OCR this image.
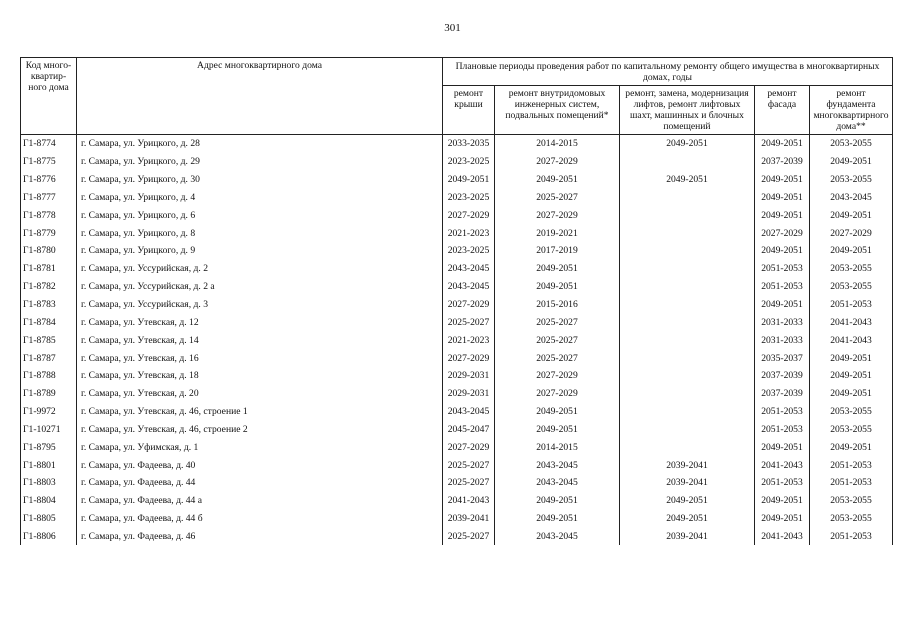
301
Код много-квартир-ного дома	Адрес многоквартирного дома	Плановые периоды проведения работ по капитальному ремонту общего имущества в многоквартирных домах, годы				
		ремонт крыши	ремонт внутридомовых инженерных систем, подвальных помещений*	ремонт, замена, модернизация лифтов, ремонт лифтовых шахт, машинных и блочных помещений	ремонт фасада	ремонт фундамента многоквартирного дома**
Г1-8774	г. Самара, ул. Урицкого, д. 28	2033-2035	2014-2015	2049-2051	2049-2051	2053-2055
Г1-8775	г. Самара, ул. Урицкого, д. 29	2023-2025	2027-2029		2037-2039	2049-2051
Г1-8776	г. Самара, ул. Урицкого, д. 30	2049-2051	2049-2051	2049-2051	2049-2051	2053-2055
Г1-8777	г. Самара, ул. Урицкого, д. 4	2023-2025	2025-2027		2049-2051	2043-2045
Г1-8778	г. Самара, ул. Урицкого, д. 6	2027-2029	2027-2029		2049-2051	2049-2051
Г1-8779	г. Самара, ул. Урицкого, д. 8	2021-2023	2019-2021		2027-2029	2027-2029
Г1-8780	г. Самара, ул. Урицкого, д. 9	2023-2025	2017-2019		2049-2051	2049-2051
Г1-8781	г. Самара, ул. Уссурийская, д. 2	2043-2045	2049-2051		2051-2053	2053-2055
Г1-8782	г. Самара, ул. Уссурийская, д. 2 а	2043-2045	2049-2051		2051-2053	2053-2055
Г1-8783	г. Самара, ул. Уссурийская, д. 3	2027-2029	2015-2016		2049-2051	2051-2053
Г1-8784	г. Самара, ул. Утевская, д. 12	2025-2027	2025-2027		2031-2033	2041-2043
Г1-8785	г. Самара, ул. Утевская, д. 14	2021-2023	2025-2027		2031-2033	2041-2043
Г1-8787	г. Самара, ул. Утевская, д. 16	2027-2029	2025-2027		2035-2037	2049-2051
Г1-8788	г. Самара, ул. Утевская, д. 18	2029-2031	2027-2029		2037-2039	2049-2051
Г1-8789	г. Самара, ул. Утевская, д. 20	2029-2031	2027-2029		2037-2039	2049-2051
Г1-9972	г. Самара, ул. Утевская, д. 46, строение 1	2043-2045	2049-2051		2051-2053	2053-2055
Г1-10271	г. Самара, ул. Утевская, д. 46, строение 2	2045-2047	2049-2051		2051-2053	2053-2055
Г1-8795	г. Самара, ул. Уфимская, д. 1	2027-2029	2014-2015		2049-2051	2049-2051
Г1-8801	г. Самара, ул. Фадеева, д. 40	2025-2027	2043-2045	2039-2041	2041-2043	2051-2053
Г1-8803	г. Самара, ул. Фадеева, д. 44	2025-2027	2043-2045	2039-2041	2051-2053	2051-2053
Г1-8804	г. Самара, ул. Фадеева, д. 44 а	2041-2043	2049-2051	2049-2051	2049-2051	2053-2055
Г1-8805	г. Самара, ул. Фадеева, д. 44 б	2039-2041	2049-2051	2049-2051	2049-2051	2053-2055
Г1-8806	г. Самара, ул. Фадеева, д. 46	2025-2027	2043-2045	2039-2041	2041-2043	2051-2053
